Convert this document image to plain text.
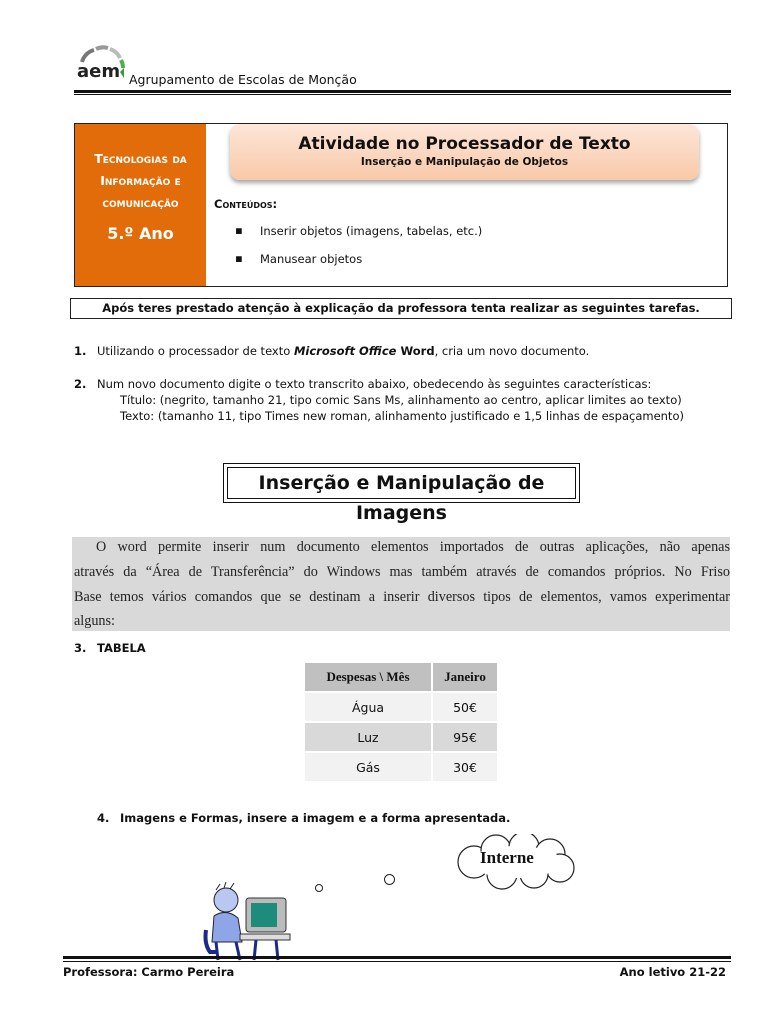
aem Agrupamento de Escolas de Monção
Tecnologias da
Informação e
comunicação
5.º Ano
Atividade no Processador de Texto
Inserção e Manipulação de Objetos
Conteúdos:
▪ Inserir objetos (imagens, tabelas, etc.)
▪ Manusear objetos
Após teres prestado atenção à explicação da professora tenta realizar as seguintes tarefas.
1. Utilizando o processador de texto Microsoft Office Word, cria um novo documento.
2. Num novo documento digite o texto transcrito abaixo, obedecendo às seguintes características:
Título: (negrito, tamanho 21, tipo comic Sans Ms, alinhamento ao centro, aplicar limites ao texto)
Texto: (tamanho 11, tipo Times new roman, alinhamento justificado e 1,5 linhas de espaçamento)
Inserção e Manipulação de Imagens
O word permite inserir num documento elementos importados de outras aplicações, não apenas
através da “Área de Transferência” do Windows mas também através de comandos próprios. No Friso
Base temos vários comandos que se destinam a inserir diversos tipos de elementos, vamos experimentar
alguns:
3. TABELA
Despesas \ Mês	Janeiro
Água	50€
Luz	95€
Gás	30€
4. Imagens e Formas, insere a imagem e a forma apresentada.
Interne
Professora: Carmo Pereira	Ano letivo 21-22
